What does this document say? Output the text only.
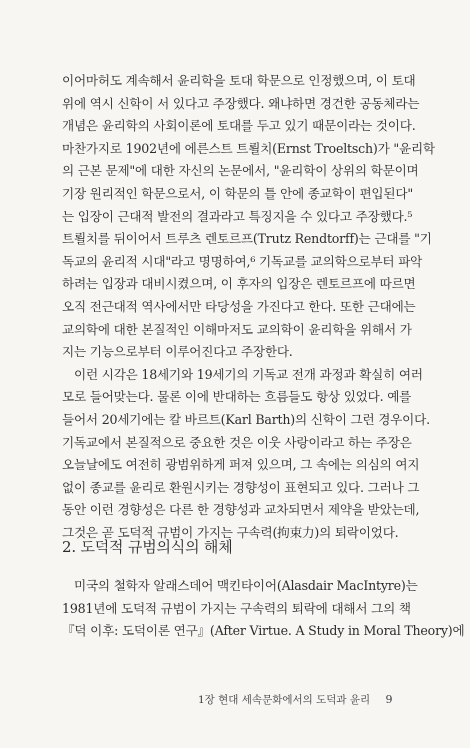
이어마허도 계속해서 윤리학을 토대 학문으로 인정했으며, 이 토대
위에 역시 신학이 서 있다고 주장했다. 왜냐하면 경건한 공동체라는
개념은 윤리학의 사회이론에 토대를 두고 있기 때문이라는 것이다.
마찬가지로 1902년에 에른스트 트뢸치(Ernst Troeltsch)가 "윤리학
의 근본 문제"에 대한 자신의 논문에서, "윤리학이 상위의 학문이며
기장 원리적인 학문으로서, 이 학문의 틀 안에 종교학이 편입된다"
는 입장이 근대적 발전의 결과라고 특징지을 수 있다고 주장했다.⁵
트뢸치를 뒤이어서 트루츠 렌토르프(Trutz Rendtorff)는 근대를 "기
독교의 윤리적 시대"라고 명명하여,⁶ 기독교를 교의학으로부터 파악
하려는 입장과 대비시켰으며, 이 후자의 입장은 렌토르프에 따르면
오직 전근대적 역사에서만 타당성을 가진다고 한다. 또한 근대에는
교의학에 대한 본질적인 이해마저도 교의학이 윤리학을 위해서 가
지는 기능으로부터 이루어진다고 주장한다.
이런 시각은 18세기와 19세기의 기독교 전개 과정과 확실히 여러
모로 들어맞는다. 물론 이에 반대하는 흐름들도 항상 있었다. 예를
들어서 20세기에는 칼 바르트(Karl Barth)의 신학이 그런 경우이다.
기독교에서 본질적으로 중요한 것은 이웃 사랑이라고 하는 주장은
오늘날에도 여전히 광범위하게 퍼져 있으며, 그 속에는 의심의 여지
없이 종교를 윤리로 환원시키는 경향성이 표현되고 있다. 그러나 그
동안 이런 경향성은 다른 한 경향성과 교차되면서 제약을 받았는데,
그것은 곧 도덕적 규범이 가지는 구속력(拘束力)의 퇴락이었다.
2. 도덕적 규범의식의 해체
미국의 철학자 알래스데어 맥킨타이어(Alasdair MacIntyre)는
1981년에 도덕적 규범이 가지는 구속력의 퇴락에 대해서 그의 책
『덕 이후: 도덕이론 연구』(After Virtue. A Study in Moral Theory)에
1장 현대 세속문화에서의 도덕과 윤리 9
